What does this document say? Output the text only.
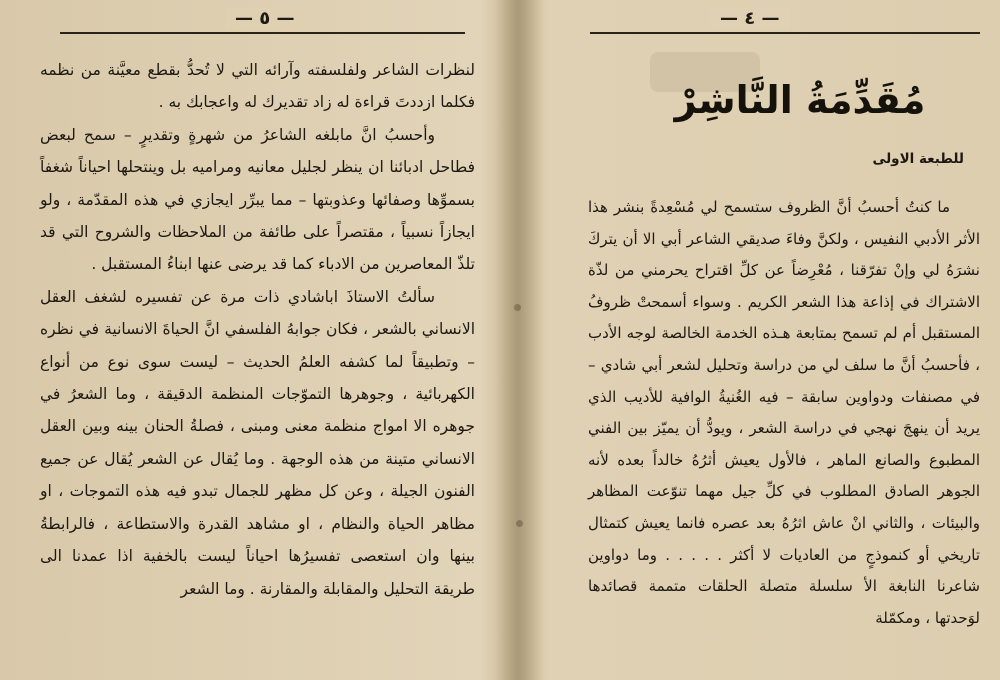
— ٥ —

لنظرات الشاعر ولفلسفته وآرائه التي لا تُحدُّ بقطع معيَّنة من نظمه فكلما ازددتَ قراءة له زاد تقديرك له واعجابك به .

وأحسبُ انَّ مابلغه الشاعرُ من شهرةٍ وتقديرٍ – سمح لبعض فطاحل ادبائنا ان ينظر لجليل معانيه ومراميه بل وينتحلها احياناً شغفاً بسموِّها وصفائها وعذوبتها – مما يبرِّر ايجازي في هذه المقدّمة ، ولو ايجازاً نسبياً ، مقتصراً على طائفة من الملاحظات والشروح التي قد تلذّ المعاصرين من الادباء كما قد يرضى عنها ابناءُ المستقبل .

سألتُ الاستاذَ اباشادي ذات مرة عن تفسيره لشغف العقل الانساني بالشعر ، فكان جوابهُ الفلسفي انَّ الحياةَ الانسانية في نظره – وتطبيقاً لما كشفه العلمُ الحديث – ليست سوى نوع من أنواع الكهربائية ، وجوهرها التموّجات المنظمة الدقيقة ، وما الشعرُ في جوهره الا امواج منظمة معنى ومبنى ، فصلةُ الحنان بينه وبين العقل الانساني متينة من هذه الوجهة . وما يُقال عن الشعر يُقال عن جميع الفنون الجيلة ، وعن كل مظهر للجمال تبدو فيه هذه التموجات ، او مظاهر الحياة والنظام ، او مشاهد القدرة والاستطاعة ، فالرابطةُ بينها وان استعصى تفسيرُها احياناً ليست بالخفية اذا عمدنا الى طريقة التحليل والمقابلة والمقارنة . وما الشعر

— ٤ —
مُقَدِّمَةُ النَّاشِرْ
للطبعة الاولى

ما كنتُ أحسبُ أنَّ الظروف ستسمح لي مُسْعِدةً بنشر هذا الأثر الأدبي النفيس ، ولكنَّ وفاءَ صديقي الشاعر أبي الا أن يتركَ نشرَهُ لي وإنْ تفرّقنا ، مُعْرِضاً عن كلِّ اقتراح يحرمني من لذّة الاشتراك في إذاعة هذا الشعر الكريم . وسواء أسمحتْ ظروفُ المستقبل أم لم تسمح بمتابعة هـذه الخدمة الخالصة لوجه الأدب ، فأحسبُ أنَّ ما سلف لي من دراسة وتحليل لشعر أبي شادي – في مصنفات ودواوين سابقة – فيه الغُنيةُ الوافية للأديب الذي يريد أن ينهجَ نهجي في دراسة الشعر ، ويودُّ أن يميّز بين الفني المطبوع والصانع الماهر ، فالأول يعيش أثرُهُ خالداً بعده لأنه الجوهر الصادق المطلوب في كلِّ جيل مهما تنوّعت المظاهر والبيئات ، والثاني انْ عاش اثرُهُ بعد عصره فانما يعيش كتمثال تاريخي أو كنموذجٍ من العاديات لا أكثر . . . . . وما دواوين شاعرنا النابغة الأ سلسلة متصلة الحلقات متممة قصائدها لوَحدتها ، ومكمّلة
